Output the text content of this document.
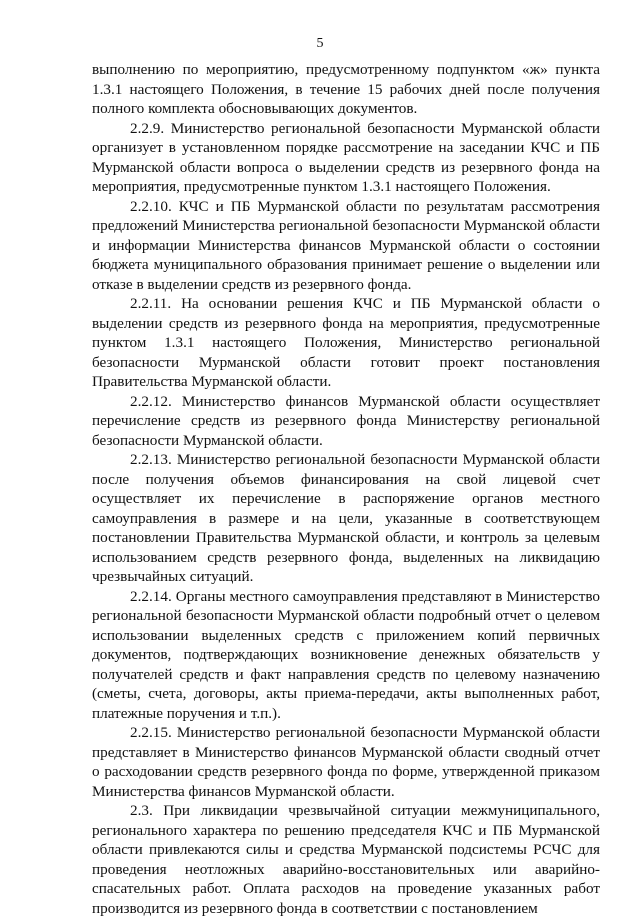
5

выполнению по мероприятию, предусмотренному подпунктом «ж» пункта 1.3.1 настоящего Положения, в течение 15 рабочих дней после получения полного комплекта обосновывающих документов.

2.2.9. Министерство региональной безопасности Мурманской области организует в установленном порядке рассмотрение на заседании КЧС и ПБ Мурманской области вопроса о выделении средств из резервного фонда на мероприятия, предусмотренные пунктом 1.3.1 настоящего Положения.

2.2.10. КЧС и ПБ Мурманской области по результатам рассмотрения предложений Министерства региональной безопасности Мурманской области и информации Министерства финансов Мурманской области о состоянии бюджета муниципального образования принимает решение о выделении или отказе в выделении средств из резервного фонда.

2.2.11. На основании решения КЧС и ПБ Мурманской области о выделении средств из резервного фонда на мероприятия, предусмотренные пунктом 1.3.1 настоящего Положения, Министерство региональной безопасности Мурманской области готовит проект постановления Правительства Мурманской области.

2.2.12. Министерство финансов Мурманской области осуществляет перечисление средств из резервного фонда Министерству региональной безопасности Мурманской области.

2.2.13. Министерство региональной безопасности Мурманской области после получения объемов финансирования на свой лицевой счет осуществляет их перечисление в распоряжение органов местного самоуправления в размере и на цели, указанные в соответствующем постановлении Правительства Мурманской области, и контроль за целевым использованием средств резервного фонда, выделенных на ликвидацию чрезвычайных ситуаций.

2.2.14. Органы местного самоуправления представляют в Министерство региональной безопасности Мурманской области подробный отчет о целевом использовании выделенных средств с приложением копий первичных документов, подтверждающих возникновение денежных обязательств у получателей средств и факт направления средств по целевому назначению (сметы, счета, договоры, акты приема-передачи, акты выполненных работ, платежные поручения и т.п.).

2.2.15. Министерство региональной безопасности Мурманской области представляет в Министерство финансов Мурманской области сводный отчет о расходовании средств резервного фонда по форме, утвержденной приказом Министерства финансов Мурманской области.

2.3. При ликвидации чрезвычайной ситуации межмуниципального, регионального характера по решению председателя КЧС и ПБ Мурманской области привлекаются силы и средства Мурманской подсистемы РСЧС для проведения неотложных аварийно-восстановительных или аварийно-спасательных работ. Оплата расходов на проведение указанных работ производится из резервного фонда в соответствии с постановлением
